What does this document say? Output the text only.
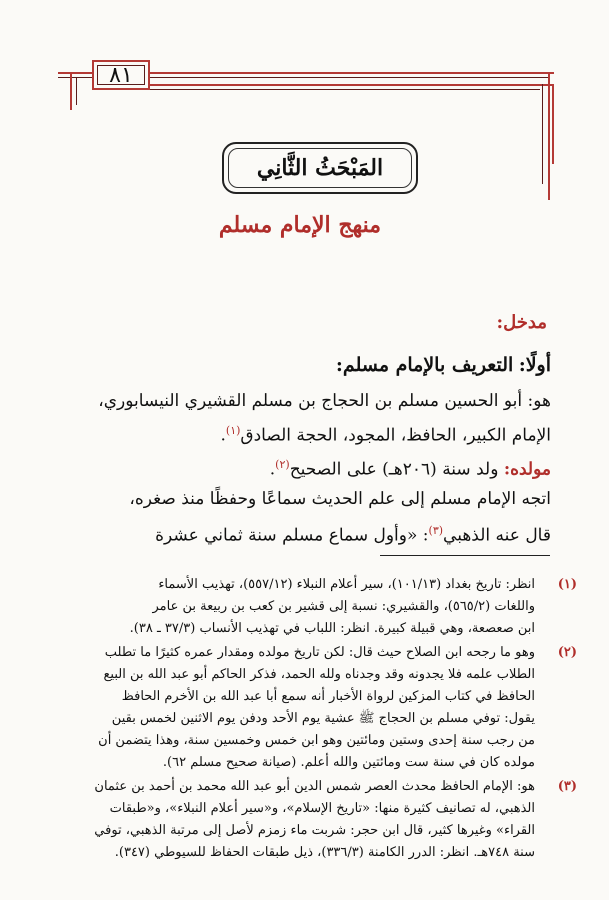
٨١
المَبْحَثُ الثَّانِي
منهج الإمام مسلم
مدخل:
أولًا: التعريف بالإمام مسلم:
هو: أبو الحسين مسلم بن الحجاج بن مسلم القشيري النيسابوري،
الإمام الكبير، الحافظ، المجود، الحجة الصادق$^{(١)}$.
مولده: ولد سنة (٢٠٦هـ) على الصحيح$^{(٢)}$.
اتجه الإمام مسلم إلى علم الحديث سماعًا وحفظًا منذ صغره،
قال عنه الذهبي$^{(٣)}$: «وأول سماع مسلم سنة ثماني عشرة
(١)
انظر: تاريخ بغداد (١٠١/١٣)، سير أعلام النبلاء (٥٥٧/١٢)، تهذيب الأسماء
واللغات (٥٦٥/٢)، والقشيري: نسبة إلى قشير بن كعب بن ربيعة بن عامر
ابن صعصعة، وهي قبيلة كبيرة. انظر: اللباب في تهذيب الأنساب (٣٧/٣ ـ ٣٨).
(٢)
وهو ما رجحه ابن الصلاح حيث قال: لكن تاريخ مولده ومقدار عمره كثيرًا ما تطلب
الطلاب علمه فلا يجدونه وقد وجدناه ولله الحمد، فذكر الحاكم أبو عبد الله بن البيع
الحافظ في كتاب المزكين لرواة الأخبار أنه سمع أبا عبد الله بن الأخرم الحافظ
يقول: توفي مسلم بن الحجاج ﷺ عشية يوم الأحد ودفن يوم الاثنين لخمس بقين
من رجب سنة إحدى وستين ومائتين وهو ابن خمس وخمسين سنة، وهذا يتضمن أن
مولده كان في سنة ست ومائتين والله أعلم. (صيانة صحيح مسلم ٦٢).
(٣)
هو: الإمام الحافظ محدث العصر شمس الدين أبو عبد الله محمد بن أحمد بن عثمان
الذهبي، له تصانيف كثيرة منها: «تاريخ الإسلام»، و«سير أعلام النبلاء»، و«طبقات
القراء» وغيرها كثير، قال ابن حجر: شربت ماء زمزم لأصل إلى مرتبة الذهبي، توفي
سنة ٧٤٨هـ. انظر: الدرر الكامنة (٣٣٦/٣)، ذيل طبقات الحفاظ للسيوطي (٣٤٧).
